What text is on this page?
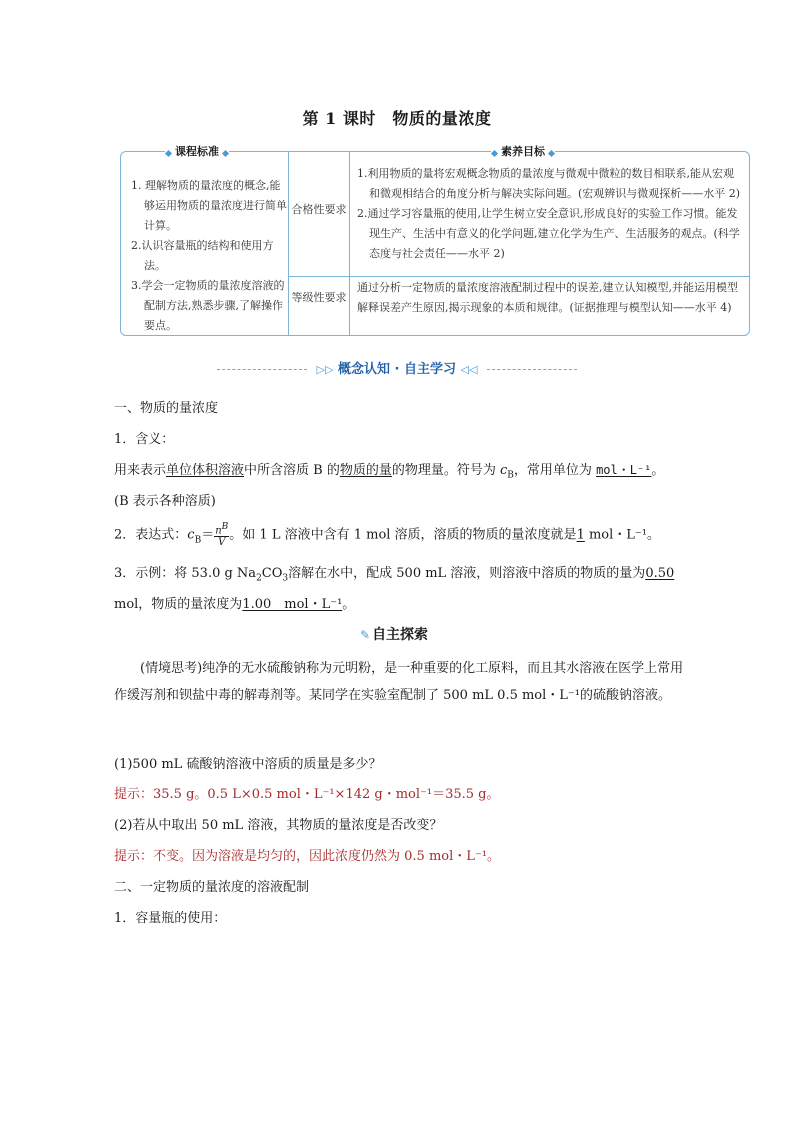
第 1 课时　物质的量浓度
课程标准	素养目标

1. 理解物质的量浓度的概念,能够运用物质的量浓度进行简单计算。

2.认识容量瓶的结构和使用方法。

3.学会一定物质的量浓度溶液的配制方法,熟悉步骤,了解操作要点。

合格性要求

1.利用物质的量将宏观概念物质的量浓度与微观中微粒的数目相联系,能从宏观和微观相结合的角度分析与解决实际问题。(宏观辨识与微观探析——水平 2)

2.通过学习容量瓶的使用,让学生树立安全意识,形成良好的实验工作习惯。能发现生产、生活中有意义的化学问题,建立化学为生产、生活服务的观点。(科学态度与社会责任——水平 2)

等级性要求

通过分析一定物质的量浓度溶液配制过程中的误差,建立认知模型,并能运用模型解释误差产生原因,揭示现象的本质和规律。(证据推理与模型认知——水平 4)

▷▷ 概念认知 · 自主学习 ◁◁
一、物质的量浓度
1．含义：
用来表示单位体积溶液中所含溶质 B 的物质的量的物理量。符号为 $c_B$，常用单位为 mol・L⁻¹。
(B 表示各种溶质)
2．表达式：$c_B= \frac{nB}{V}$ 。如 1 L 溶液中含有 1 mol 溶质，溶质的物质的量浓度就是1 mol・L⁻¹。
3．示例：将 53.0 g $Na_2CO_3$溶解在水中，配成 500 mL 溶液，则溶液中溶质的物质的量为0.50
mol，物质的量浓度为1.00　mol・L⁻¹。
✎ 自主探索

(情境思考)纯净的无水硫酸钠称为元明粉，是一种重要的化工原料，而且其水溶液在医学上常用作缓泻剂和钡盐中毒的解毒剂等。某同学在实验室配制了 500 mL 0.5 mol・L⁻¹的硫酸钠溶液。

(1)500 mL 硫酸钠溶液中溶质的质量是多少？
提示：35.5 g。0.5 L×0.5 mol・L⁻¹×142 g・mol⁻¹＝35.5 g。
(2)若从中取出 50 mL 溶液，其物质的量浓度是否改变？
提示：不变。因为溶液是均匀的，因此浓度仍然为 0.5 mol・L⁻¹。
二、一定物质的量浓度的溶液配制
1．容量瓶的使用：
